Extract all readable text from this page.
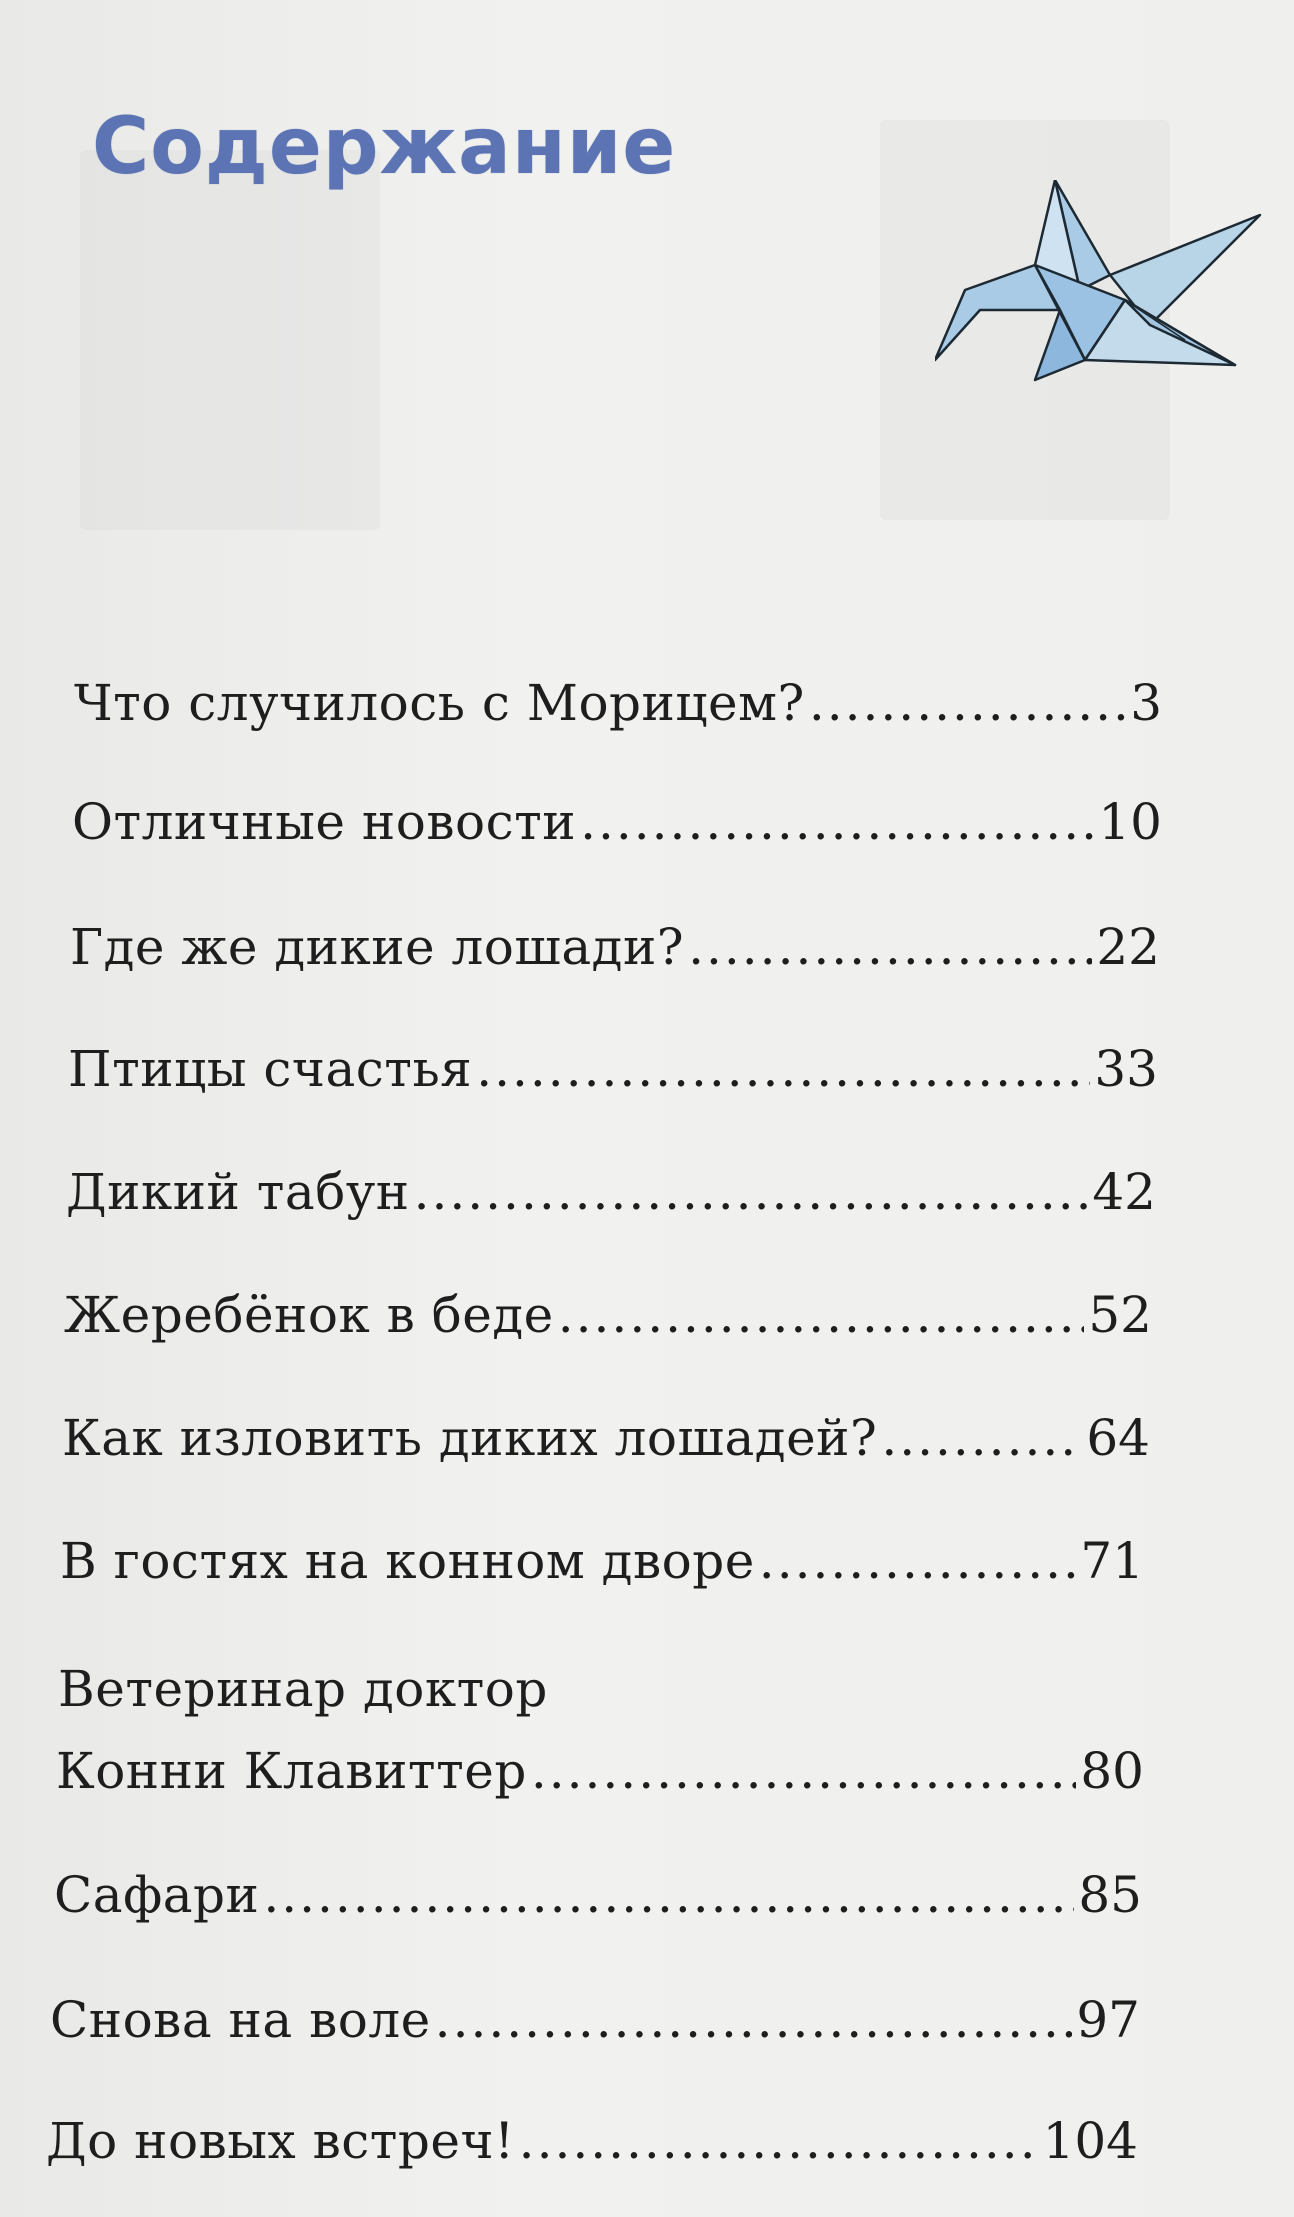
Содержание
Что случилось с Морицем? .....	3
Отличные новости .....	10
Где же дикие лошади? .....	22
Птицы счастья .....	33
Дикий табун .....	42
Жеребёнок в беде .....	52
Как изловить диких лошадей? .....	64
В гостях на конном дворе .....	71
Ветеринар доктор
Конни Клавиттер .....	80
Сафари .....	85
Снова на воле .....	97
До новых встреч! .....	104
